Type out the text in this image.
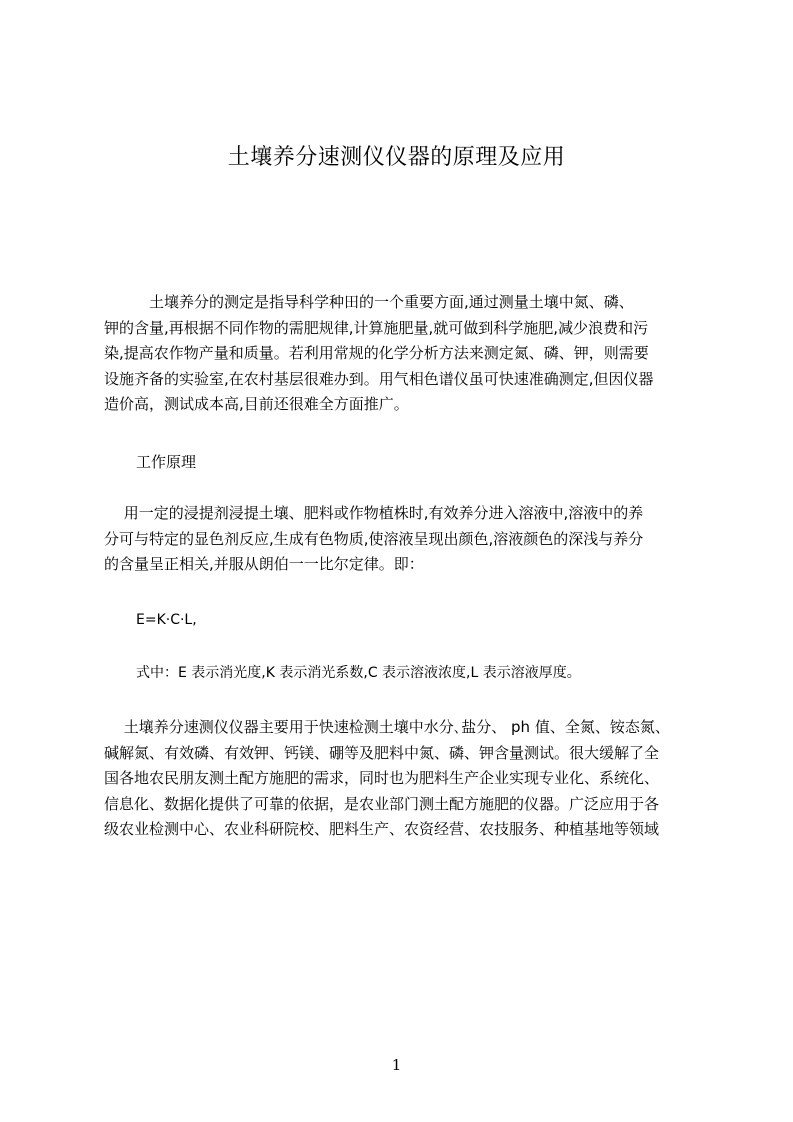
土壤养分速测仪仪器的原理及应用
　　　土壤养分的测定是指导科学种田的一个重要方面,通过测量土壤中氮、磷、
钾的含量,再根据不同作物的需肥规律,计算施肥量,就可做到科学施肥,减少浪费和污
染,提高农作物产量和质量。若利用常规的化学分析方法来测定氮、磷、钾，则需要
设施齐备的实验室,在农村基层很难办到。用气相色谱仪虽可快速准确测定,但因仪器
造价高，测试成本高,目前还很难全方面推广。
工作原理
　 用一定的浸提剂浸提土壤、肥料或作物植株时,有效养分进入溶液中,溶液中的养
分可与特定的显色剂反应,生成有色物质,使溶液呈现出颜色,溶液颜色的深浅与养分
的含量呈正相关,并服从朗伯一一比尔定律。即：

E=K·C·L,

式中：E 表示消光度,K 表示消光系数,C 表示溶液浓度,L 表示溶液厚度。

　 土壤养分速测仪仪器主要用于快速检测土壤中水分､盐分、 ph 值、全氮、铵态氮、
碱解氮、有效磷、有效钾、钙镁、硼等及肥料中氮、磷、钾含量测试。很大缓解了全
国各地农民朋友测土配方施肥的需求，同时也为肥料生产企业实现专业化、系统化、
信息化、数据化提供了可靠的依据，是农业部门测土配方施肥的仪器。广泛应用于各
级农业检测中心、农业科研院校、肥料生产、农资经营、农技服务、种植基地等领域
1
